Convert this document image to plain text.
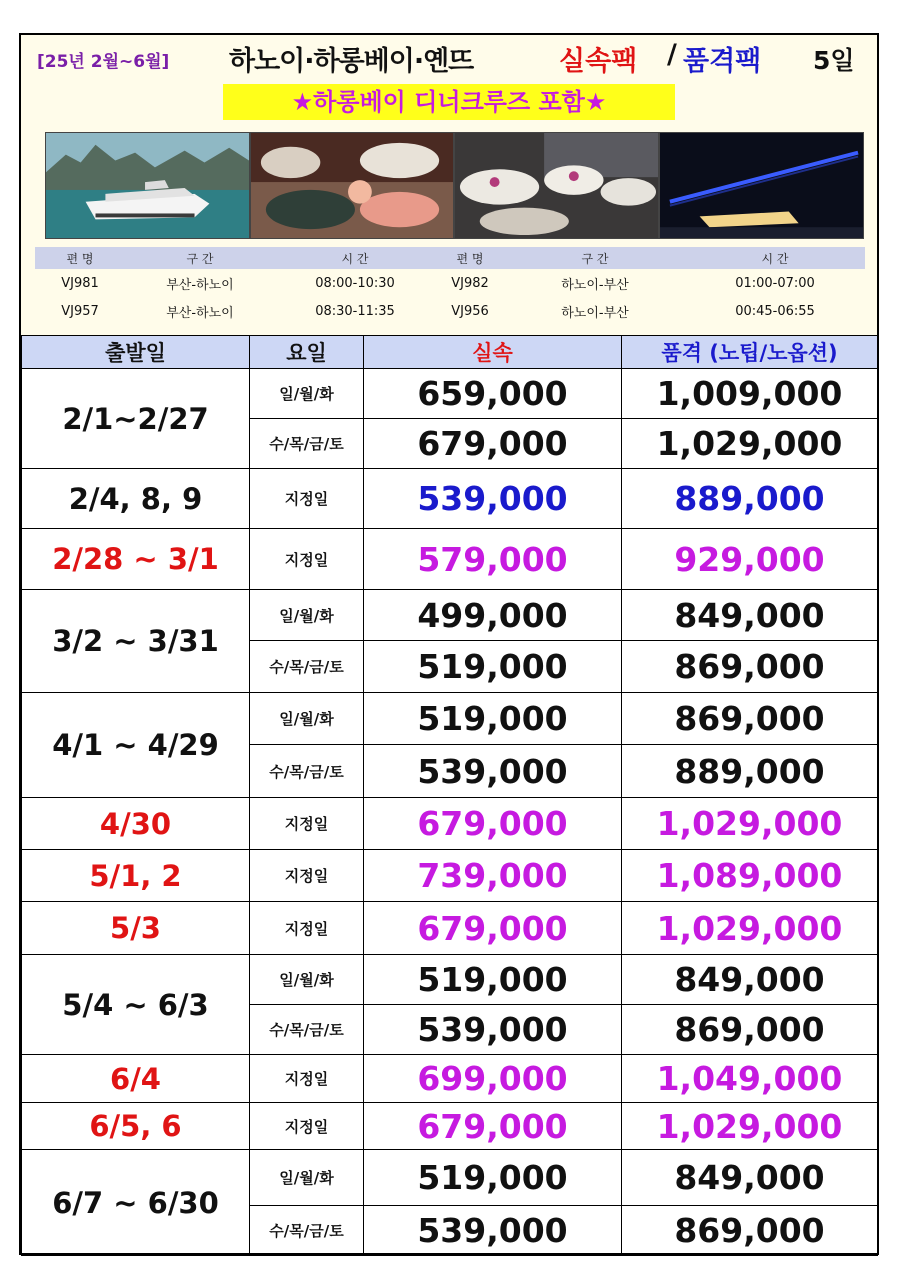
[25년 2월~6월] 하노이·하롱베이·옌뜨	실속팩 / 품격팩 5일
★하롱베이 디너크루즈 포함★
편 명	구 간	시 간	편 명	구 간	시 간
VJ981	부산-하노이	08:00-10:30	VJ982	하노이-부산	01:00-07:00
VJ957	부산-하노이	08:30-11:35	VJ956	하노이-부산	00:45-06:55
출발일	요일	실속	품격 (노팁/노옵션)
2/1~2/27	일/월/화	659,000	1,009,000
	수/목/금/토	679,000	1,029,000
2/4, 8, 9	지정일	539,000	889,000
2/28 ~ 3/1	지정일	579,000	929,000
3/2 ~ 3/31	일/월/화	499,000	849,000
	수/목/금/토	519,000	869,000
4/1 ~ 4/29	일/월/화	519,000	869,000
	수/목/금/토	539,000	889,000
4/30	지정일	679,000	1,029,000
5/1, 2	지정일	739,000	1,089,000
5/3	지정일	679,000	1,029,000
5/4 ~ 6/3	일/월/화	519,000	849,000
	수/목/금/토	539,000	869,000
6/4	지정일	699,000	1,049,000
6/5, 6	지정일	679,000	1,029,000
6/7 ~ 6/30	일/월/화	519,000	849,000
	수/목/금/토	539,000	869,000
